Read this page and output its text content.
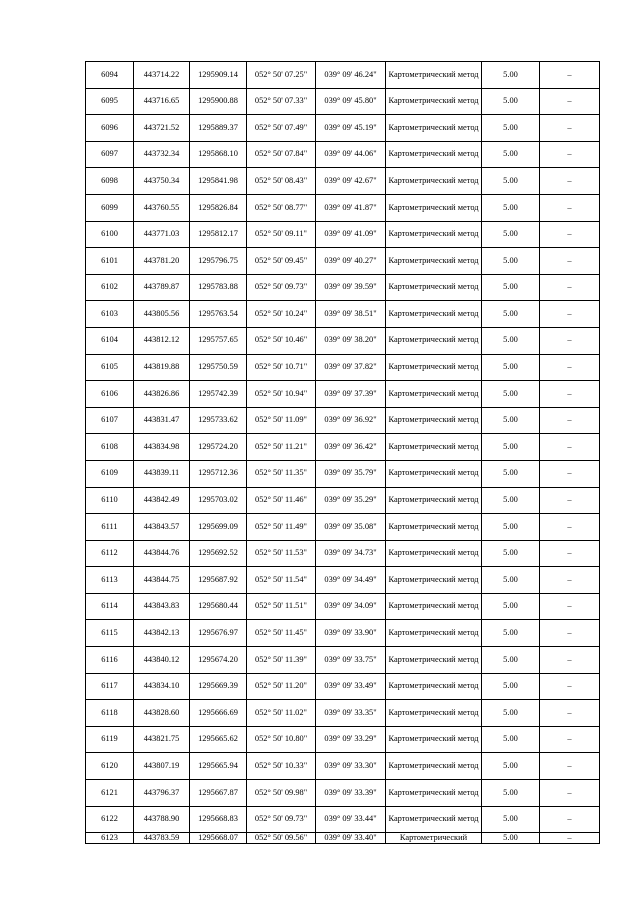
6094	443714.22	1295909.14	052° 50' 07.25"	039° 09' 46.24"	Картометрический метод	5.00	–
6095	443716.65	1295900.88	052° 50' 07.33"	039° 09' 45.80"	Картометрический метод	5.00	–
6096	443721.52	1295889.37	052° 50' 07.49"	039° 09' 45.19"	Картометрический метод	5.00	–
6097	443732.34	1295868.10	052° 50' 07.84"	039° 09' 44.06"	Картометрический метод	5.00	–
6098	443750.34	1295841.98	052° 50' 08.43"	039° 09' 42.67"	Картометрический метод	5.00	–
6099	443760.55	1295826.84	052° 50' 08.77"	039° 09' 41.87"	Картометрический метод	5.00	–
6100	443771.03	1295812.17	052° 50' 09.11"	039° 09' 41.09"	Картометрический метод	5.00	–
6101	443781.20	1295796.75	052° 50' 09.45"	039° 09' 40.27"	Картометрический метод	5.00	–
6102	443789.87	1295783.88	052° 50' 09.73"	039° 09' 39.59"	Картометрический метод	5.00	–
6103	443805.56	1295763.54	052° 50' 10.24"	039° 09' 38.51"	Картометрический метод	5.00	–
6104	443812.12	1295757.65	052° 50' 10.46"	039° 09' 38.20"	Картометрический метод	5.00	–
6105	443819.88	1295750.59	052° 50' 10.71"	039° 09' 37.82"	Картометрический метод	5.00	–
6106	443826.86	1295742.39	052° 50' 10.94"	039° 09' 37.39"	Картометрический метод	5.00	–
6107	443831.47	1295733.62	052° 50' 11.09"	039° 09' 36.92"	Картометрический метод	5.00	–
6108	443834.98	1295724.20	052° 50' 11.21"	039° 09' 36.42"	Картометрический метод	5.00	–
6109	443839.11	1295712.36	052° 50' 11.35"	039° 09' 35.79"	Картометрический метод	5.00	–
6110	443842.49	1295703.02	052° 50' 11.46"	039° 09' 35.29"	Картометрический метод	5.00	–
6111	443843.57	1295699.09	052° 50' 11.49"	039° 09' 35.08"	Картометрический метод	5.00	–
6112	443844.76	1295692.52	052° 50' 11.53"	039° 09' 34.73"	Картометрический метод	5.00	–
6113	443844.75	1295687.92	052° 50' 11.54"	039° 09' 34.49"	Картометрический метод	5.00	–
6114	443843.83	1295680.44	052° 50' 11.51"	039° 09' 34.09"	Картометрический метод	5.00	–
6115	443842.13	1295676.97	052° 50' 11.45"	039° 09' 33.90"	Картометрический метод	5.00	–
6116	443840.12	1295674.20	052° 50' 11.39"	039° 09' 33.75"	Картометрический метод	5.00	–
6117	443834.10	1295669.39	052° 50' 11.20"	039° 09' 33.49"	Картометрический метод	5.00	–
6118	443828.60	1295666.69	052° 50' 11.02"	039° 09' 33.35"	Картометрический метод	5.00	–
6119	443821.75	1295665.62	052° 50' 10.80"	039° 09' 33.29"	Картометрический метод	5.00	–
6120	443807.19	1295665.94	052° 50' 10.33"	039° 09' 33.30"	Картометрический метод	5.00	–
6121	443796.37	1295667.87	052° 50' 09.98"	039° 09' 33.39"	Картометрический метод	5.00	–
6122	443788.90	1295668.83	052° 50' 09.73"	039° 09' 33.44"	Картометрический метод	5.00	–
6123	443783.59	1295668.07	052° 50' 09.56"	039° 09' 33.40"	Картометрический	5.00	–
